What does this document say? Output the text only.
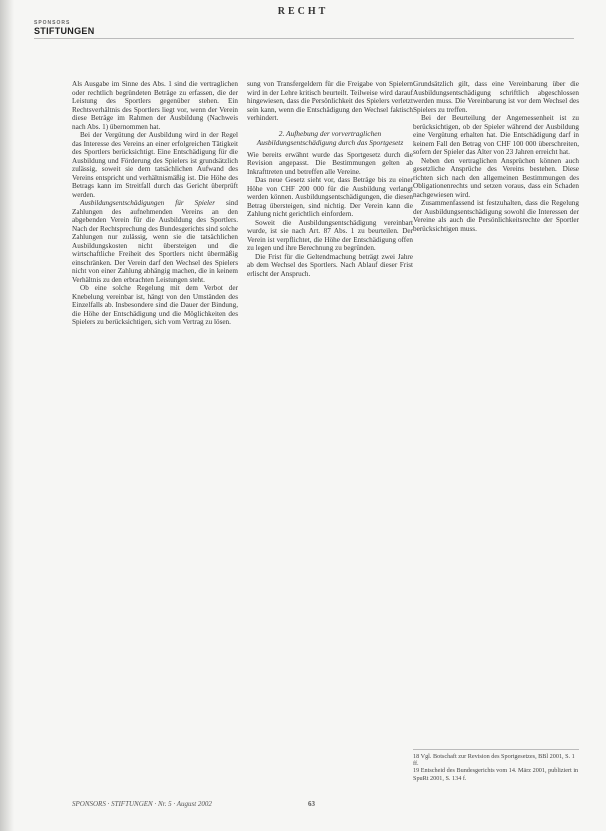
RECHT
SPONSORS
STIFTUNGEN

Als Ausgabe im Sinne des Abs. 1 sind die vertraglichen oder rechtlich begründeten Beträge zu erfassen, die der Leistung des Sportlers gegenüber stehen. Ein Rechtsverhältnis des Sportlers liegt vor, wenn der Verein diese Beträge im Rahmen der Ausbildung (Nachweis nach Abs. 1) übernommen hat.

Bei der Vergütung der Ausbildung wird in der Regel das Interesse des Vereins an einer erfolgreichen Tätigkeit des Sportlers berücksichtigt. Eine Entschädigung für die Ausbildung und Förderung des Spielers ist grundsätzlich zulässig, soweit sie dem tatsächlichen Aufwand des Vereins entspricht und verhältnismäßig ist. Die Höhe des Betrags kann im Streitfall durch das Gericht überprüft werden.

Ausbildungsentschädigungen für Spieler sind Zahlungen des aufnehmenden Vereins an den abgebenden Verein für die Ausbildung des Sportlers. Nach der Rechtsprechung des Bundesgerichts sind solche Zahlungen nur zulässig, wenn sie die tatsächlichen Ausbildungskosten nicht übersteigen und die wirtschaftliche Freiheit des Sportlers nicht übermäßig einschränken. Der Verein darf den Wechsel des Spielers nicht von einer Zahlung abhängig machen, die in keinem Verhältnis zu den erbrachten Leistungen steht.

Ob eine solche Regelung mit dem Verbot der Knebelung vereinbar ist, hängt von den Umständen des Einzelfalls ab. Insbesondere sind die Dauer der Bindung, die Höhe der Entschädigung und die Möglichkeiten des Spielers zu berücksichtigen, sich vom Vertrag zu lösen.

sung von Transfergeldern für die Freigabe von Spielern wird in der Lehre kritisch beurteilt. Teilweise wird darauf hingewiesen, dass die Persönlichkeit des Spielers verletzt sein kann, wenn die Entschädigung den Wechsel faktisch verhindert.

2. Aufhebung der vorvertraglichen Ausbildungsentschädigung durch das Sportgesetz

Wie bereits erwähnt wurde das Sportgesetz durch die Revision angepasst. Die Bestimmungen gelten ab Inkrafttreten und betreffen alle Vereine.

Das neue Gesetz sieht vor, dass Beträge bis zu einer Höhe von CHF 200 000 für die Ausbildung verlangt werden können. Ausbildungsentschädigungen, die diesen Betrag übersteigen, sind nichtig. Der Verein kann die Zahlung nicht gerichtlich einfordern.

Soweit die Ausbildungsentschädigung vereinbart wurde, ist sie nach Art. 87 Abs. 1 zu beurteilen. Der Verein ist verpflichtet, die Höhe der Entschädigung offen zu legen und ihre Berechnung zu begründen.

Die Frist für die Geltendmachung beträgt zwei Jahre ab dem Wechsel des Sportlers. Nach Ablauf dieser Frist erlischt der Anspruch.

Grundsätzlich gilt, dass eine Vereinbarung über die Ausbildungsentschädigung schriftlich abgeschlossen werden muss. Die Vereinbarung ist vor dem Wechsel des Spielers zu treffen.

Bei der Beurteilung der Angemessenheit ist zu berücksichtigen, ob der Spieler während der Ausbildung eine Vergütung erhalten hat. Die Entschädigung darf in keinem Fall den Betrag von CHF 100 000 überschreiten, sofern der Spieler das Alter von 23 Jahren erreicht hat.

Neben den vertraglichen Ansprüchen können auch gesetzliche Ansprüche des Vereins bestehen. Diese richten sich nach den allgemeinen Bestimmungen des Obligationenrechts und setzen voraus, dass ein Schaden nachgewiesen wird.

Zusammenfassend ist festzuhalten, dass die Regelung der Ausbildungsentschädigung sowohl die Interessen der Vereine als auch die Persönlichkeitsrechte der Sportler berücksichtigen muss.

18 Vgl. Botschaft zur Revision des Sportgesetzes, BBl 2001, S. 1 ff.
19 Entscheid des Bundesgerichts vom 14. März 2001, publiziert in SpuRt 2001, S. 134 f.
SPONSORS · STIFTUNGEN · Nr. 5 · August 2002	63
